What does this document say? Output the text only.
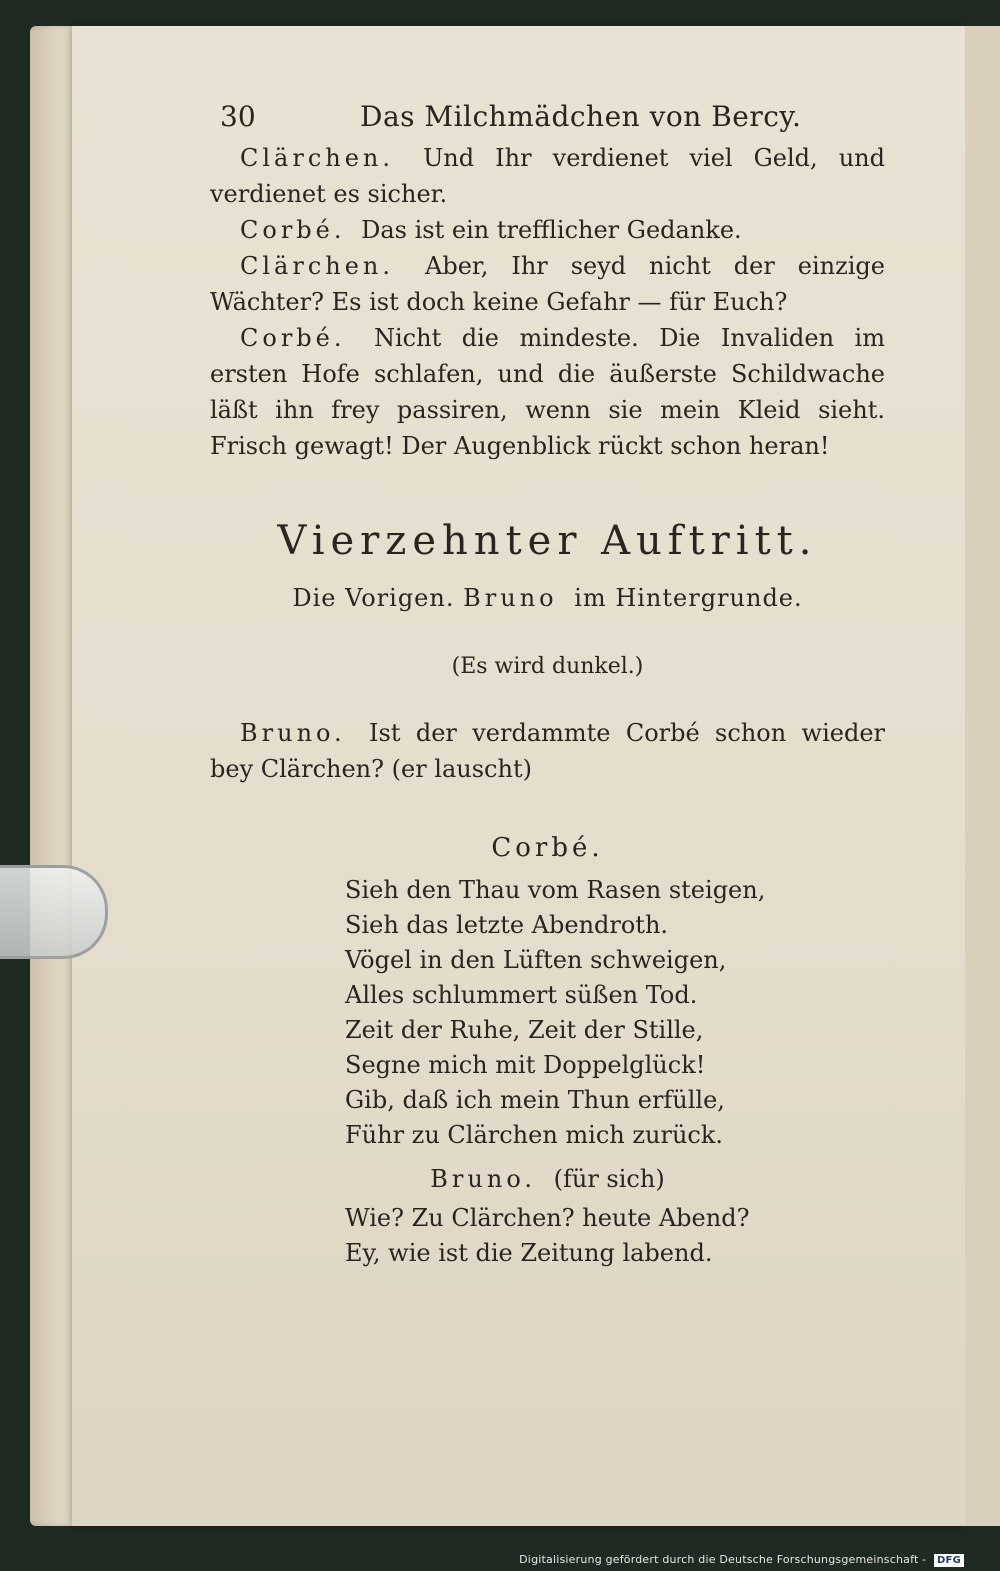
30	Das Milchmädchen von Bercy.

Clärchen. Und Ihr verdienet viel Geld, und verdienet es sicher.

Corbé. Das ist ein trefflicher Gedanke.

Clärchen. Aber, Ihr seyd nicht der einzige Wächter? Es ist doch keine Gefahr — für Euch?

Corbé. Nicht die mindeste. Die Invaliden im ersten Hofe schlafen, und die äußerste Schildwache läßt ihn frey passiren, wenn sie mein Kleid sieht. Frisch gewagt! Der Augenblick rückt schon heran!

Vierzehnter Auftritt.
Die Vorigen. Bruno im Hintergrunde.
(Es wird dunkel.)

Bruno. Ist der verdammte Corbé schon wieder bey Clärchen? (er lauscht)

Corbé.
Sieh den Thau vom Rasen steigen,
Sieh das letzte Abendroth.
Vögel in den Lüften schweigen,
Alles schlummert süßen Tod.
Zeit der Ruhe, Zeit der Stille,
Segne mich mit Doppelglück!
Gib, daß ich mein Thun erfülle,
Führ zu Clärchen mich zurück.
Bruno. (für sich)
Wie? Zu Clärchen? heute Abend?
Ey, wie ist die Zeitung labend.
Digitalisierung gefördert durch die Deutsche Forschungsgemeinschaft - DFG
